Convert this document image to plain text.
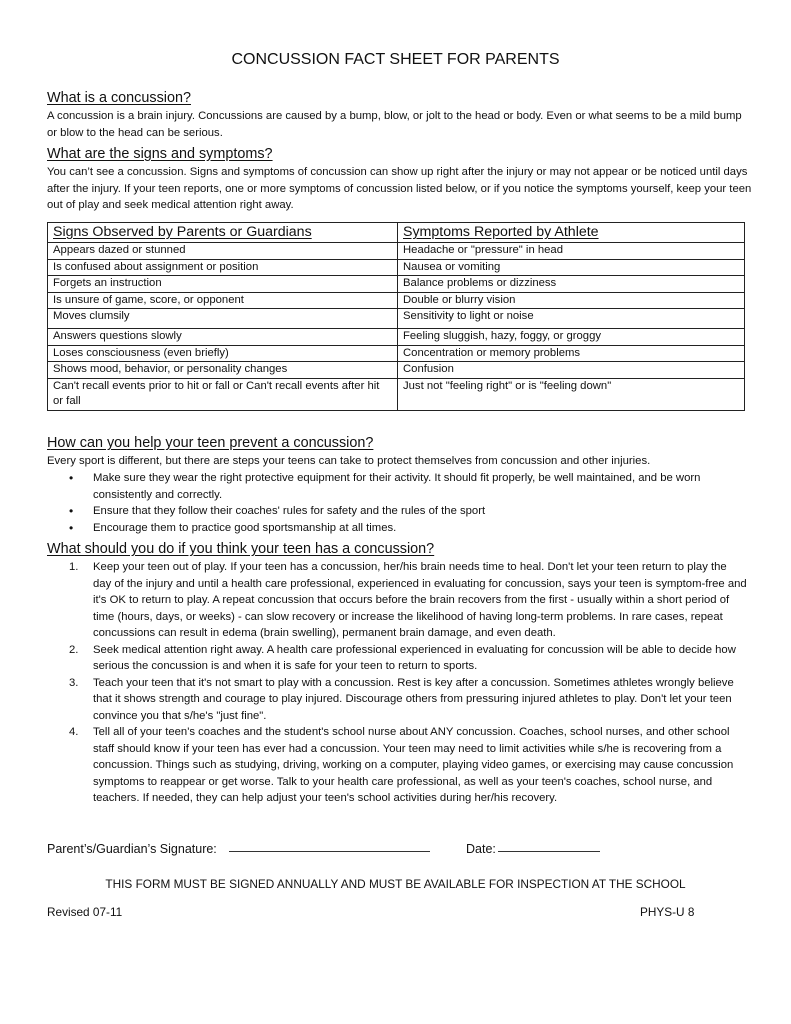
CONCUSSION FACT SHEET FOR PARENTS
What is a concussion?
A concussion is a brain injury. Concussions are caused by a bump, blow, or jolt to the head or body. Even or what seems to be a mild bump or blow to the head can be serious.
What are the signs and symptoms?
You can’t see a concussion. Signs and symptoms of concussion can show up right after the injury or may not appear or be noticed until days after the injury. If your teen reports, one or more symptoms of concussion listed below, or if you notice the symptoms yourself, keep your teen out of play and seek medical attention right away.
Signs Observed by Parents or Guardians	Symptoms Reported by Athlete
Appears dazed or stunned	Headache or "pressure" in head
Is confused about assignment or position	Nausea or vomiting
Forgets an instruction	Balance problems or dizziness
Is unsure of game, score, or opponent	Double or blurry vision
Moves clumsily	Sensitivity to light or noise
Answers questions slowly	Feeling sluggish, hazy, foggy, or groggy
Loses consciousness (even briefly)	Concentration or memory problems
Shows mood, behavior, or personality changes	Confusion
Can't recall events prior to hit or fall or Can't recall events after hit or fall	Just not "feeling right" or is "feeling down"
How can you help your teen prevent a concussion?
Every sport is different, but there are steps your teens can take to protect themselves from concussion and other injuries.
• Make sure they wear the right protective equipment for their activity. It should fit properly, be well maintained, and be worn consistently and correctly.
• Ensure that they follow their coaches' rules for safety and the rules of the sport
• Encourage them to practice good sportsmanship at all times.
What should you do if you think your teen has a concussion?
1. Keep your teen out of play. If your teen has a concussion, her/his brain needs time to heal. Don't let your teen return to play the day of the injury and until a health care professional, experienced in evaluating for concussion, says your teen is symptom-free and it's OK to return to play. A repeat concussion that occurs before the brain recovers from the first - usually within a short period of time (hours, days, or weeks) - can slow recovery or increase the likelihood of having long-term problems. In rare cases, repeat concussions can result in edema (brain swelling), permanent brain damage, and even death.
2. Seek medical attention right away. A health care professional experienced in evaluating for concussion will be able to decide how serious the concussion is and when it is safe for your teen to return to sports.
3. Teach your teen that it's not smart to play with a concussion. Rest is key after a concussion. Sometimes athletes wrongly believe that it shows strength and courage to play injured. Discourage others from pressuring injured athletes to play. Don't let your teen convince you that s/he's "just fine".
4. Tell all of your teen's coaches and the student's school nurse about ANY concussion. Coaches, school nurses, and other school staff should know if your teen has ever had a concussion. Your teen may need to limit activities while s/he is recovering from a concussion. Things such as studying, driving, working on a computer, playing video games, or exercising may cause concussion symptoms to reappear or get worse. Talk to your health care professional, as well as your teen's coaches, school nurse, and teachers. If needed, they can help adjust your teen's school activities during her/his recovery.
Parent’s/Guardian’s Signature:	Date:
THIS FORM MUST BE SIGNED ANNUALLY AND MUST BE AVAILABLE FOR INSPECTION AT THE SCHOOL
Revised 07-11	PHYS-U 8
